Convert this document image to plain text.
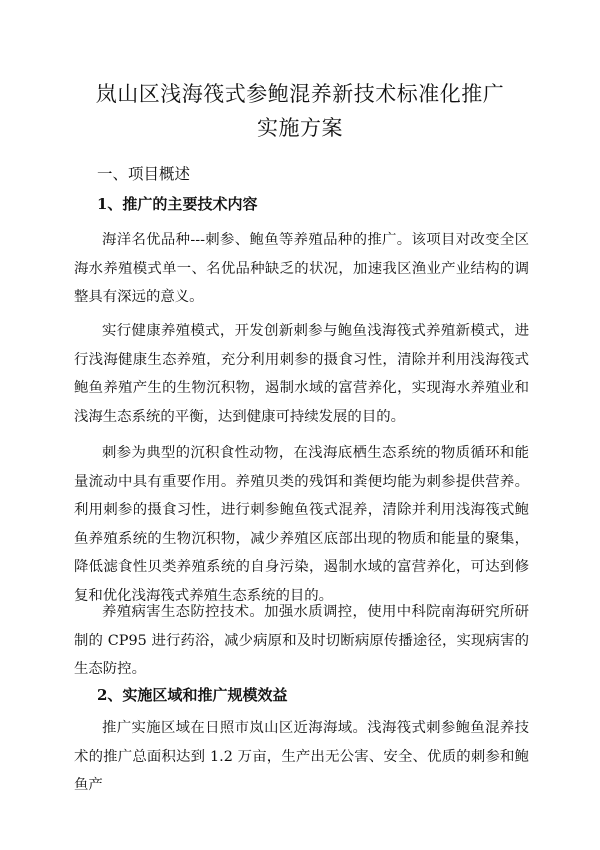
岚山区浅海筏式参鲍混养新技术标准化推广
实施方案
一、项目概述
1、推广的主要技术内容

海洋名优品种---刺参、鲍鱼等养殖品种的推广。该项目对改变全区海水养殖模式单一、名优品种缺乏的状况，加速我区渔业产业结构的调整具有深远的意义。

实行健康养殖模式，开发创新刺参与鲍鱼浅海筏式养殖新模式，进行浅海健康生态养殖，充分利用刺参的摄食习性，清除并利用浅海筏式鲍鱼养殖产生的生物沉积物，遏制水域的富营养化，实现海水养殖业和浅海生态系统的平衡，达到健康可持续发展的目的。

刺参为典型的沉积食性动物，在浅海底栖生态系统的物质循环和能量流动中具有重要作用。养殖贝类的残饵和粪便均能为刺参提供营养。利用刺参的摄食习性，进行刺参鲍鱼筏式混养，清除并利用浅海筏式鲍鱼养殖系统的生物沉积物，减少养殖区底部出现的物质和能量的聚集，降低滤食性贝类养殖系统的自身污染，遏制水域的富营养化，可达到修复和优化浅海筏式养殖生态系统的目的。

养殖病害生态防控技术。加强水质调控，使用中科院南海研究所研制的 CP95 进行药浴，减少病原和及时切断病原传播途径，实现病害的生态防控。

2、实施区域和推广规模效益

推广实施区域在日照市岚山区近海海域。浅海筏式刺参鲍鱼混养技术的推广总面积达到 1.2 万亩，生产出无公害、安全、优质的刺参和鲍鱼产
